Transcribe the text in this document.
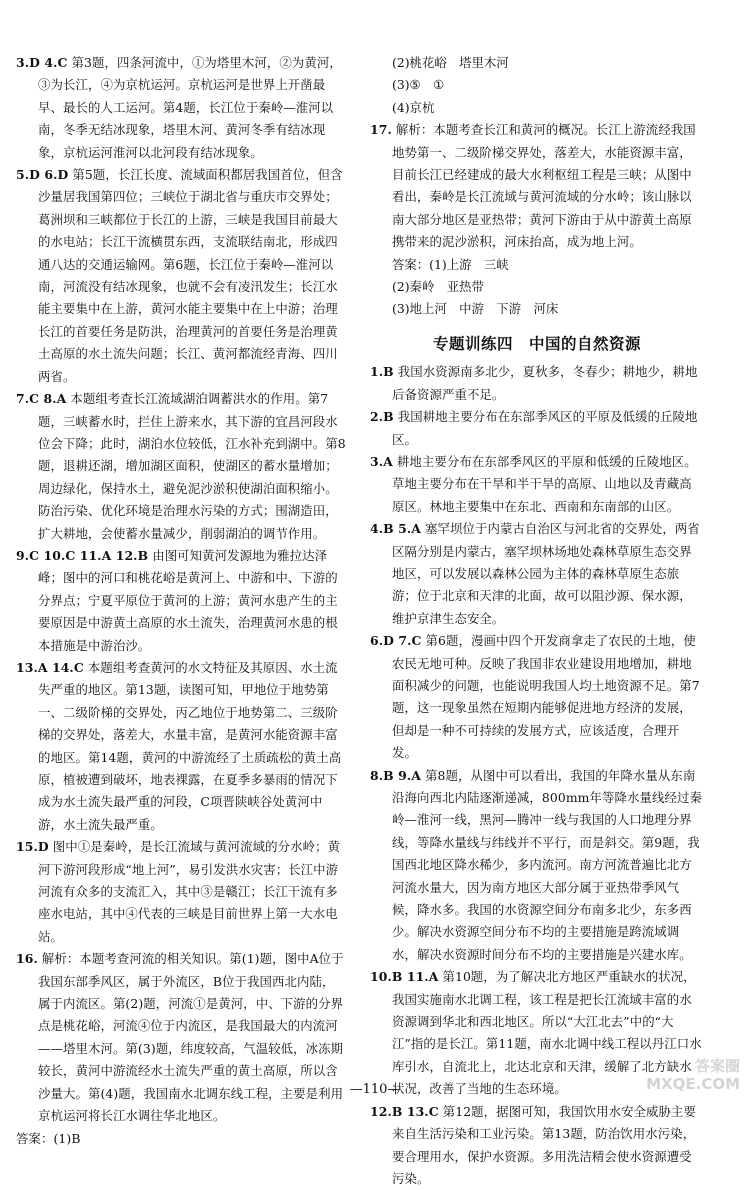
3.D 4.C 第3题，四条河流中，①为塔里木河，②为黄河，③为长江，④为京杭运河。京杭运河是世界上开凿最早、最长的人工运河。第4题，长江位于秦岭—淮河以南，冬季无结冰现象，塔里木河、黄河冬季有结冰现象，京杭运河淮河以北河段有结冰现象。

5.D 6.D 第5题，长江长度、流域面积都居我国首位，但含沙量居我国第四位；三峡位于湖北省与重庆市交界处；葛洲坝和三峡都位于长江的上游，三峡是我国目前最大的水电站；长江干流横贯东西，支流联结南北，形成四通八达的交通运输网。第6题，长江位于秦岭—淮河以南，河流没有结冰现象，也就不会有凌汛发生；长江水能主要集中在上游，黄河水能主要集中在上中游；治理长江的首要任务是防洪，治理黄河的首要任务是治理黄土高原的水土流失问题；长江、黄河都流经青海、四川两省。

7.C 8.A 本题组考查长江流域湖泊调蓄洪水的作用。第7题，三峡蓄水时，拦住上游来水，其下游的宜昌河段水位会下降；此时，湖泊水位较低，江水补充到湖中。第8题，退耕还湖，增加湖区面积，使湖区的蓄水量增加；周边绿化，保持水土，避免泥沙淤积使湖泊面积缩小。防治污染、优化环境是治理水污染的方式；围湖造田，扩大耕地，会使蓄水量减少，削弱湖泊的调节作用。

9.C 10.C 11.A 12.B 由图可知黄河发源地为雅拉达泽峰；图中的河口和桃花峪是黄河上、中游和中、下游的分界点；宁夏平原位于黄河的上游；黄河水患产生的主要原因是中游黄土高原的水土流失，治理黄河水患的根本措施是中游治沙。

13.A 14.C 本题组考查黄河的水文特征及其原因、水土流失严重的地区。第13题，读图可知，甲地位于地势第一、二级阶梯的交界处，丙乙地位于地势第二、三级阶梯的交界处，落差大，水量丰富，是黄河水能资源丰富的地区。第14题，黄河的中游流经了土质疏松的黄土高原，植被遭到破坏，地表裸露，在夏季多暴雨的情况下成为水土流失最严重的河段，C项晋陕峡谷处黄河中游，水土流失最严重。

15.D 图中①是秦岭，是长江流域与黄河流域的分水岭；黄河下游河段形成“地上河”，易引发洪水灾害；长江中游河流有众多的支流汇入，其中③是赣江；长江干流有多座水电站，其中④代表的三峡是目前世界上第一大水电站。

16. 解析：本题考查河流的相关知识。第(1)题，图中A位于我国东部季风区，属于外流区，B位于我国西北内陆，属于内流区。第(2)题，河流①是黄河，中、下游的分界点是桃花峪，河流④位于内流区，是我国最大的内流河——塔里木河。第(3)题，纬度较高，气温较低，冰冻期较长，黄河中游流经水土流失严重的黄土高原，所以含沙量大。第(4)题，我国南水北调东线工程，主要是利用京杭运河将长江水调往华北地区。

答案：(1)B

(2)桃花峪　塔里木河

(3)⑤　①

(4)京杭

17. 解析：本题考查长江和黄河的概况。长江上游流经我国地势第一、二级阶梯交界处，落差大，水能资源丰富，目前长江已经建成的最大水利枢纽工程是三峡；从图中看出，秦岭是长江流域与黄河流域的分水岭；该山脉以南大部分地区是亚热带；黄河下游由于从中游黄土高原携带来的泥沙淤积，河床抬高，成为地上河。

答案：(1)上游　三峡

(2)秦岭　亚热带

(3)地上河　中游　下游　河床

专题训练四　中国的自然资源

1.B 我国水资源南多北少，夏秋多，冬春少；耕地少，耕地后备资源严重不足。

2.B 我国耕地主要分布在东部季风区的平原及低缓的丘陵地区。

3.A 耕地主要分布在东部季风区的平原和低缓的丘陵地区。草地主要分布在干旱和半干旱的高原、山地以及青藏高原区。林地主要集中在东北、西南和东南部的山区。

4.B 5.A 塞罕坝位于内蒙古自治区与河北省的交界处，两省区隔分别是内蒙古，塞罕坝林场地处森林草原生态交界地区，可以发展以森林公园为主体的森林草原生态旅游；位于北京和天津的北面，故可以阻沙源、保水源，维护京津生态安全。

6.D 7.C 第6题，漫画中四个开发商拿走了农民的土地，使农民无地可种。反映了我国非农业建设用地增加，耕地面积减少的问题，也能说明我国人均土地资源不足。第7题，这一现象虽然在短期内能够促进地方经济的发展，但却是一种不可持续的发展方式，应该适度，合理开发。

8.B 9.A 第8题，从图中可以看出，我国的年降水量从东南沿海向西北内陆逐渐递减，800mm年等降水量线经过秦岭—淮河一线，黑河—腾冲一线与我国的人口地理分界线，等降水量线与纬线并不平行，而是斜交。第9题，我国西北地区降水稀少，多内流河。南方河流普遍比北方河流水量大，因为南方地区大部分属于亚热带季风气候，降水多。我国的水资源空间分布南多北少，东多西少。解决水资源空间分布不均的主要措施是跨流域调水，解决水资源时间分布不均的主要措施是兴建水库。

10.B 11.A 第10题，为了解决北方地区严重缺水的状况，我国实施南水北调工程，该工程是把长江流域丰富的水资源调到华北和西北地区。所以“大江北去”中的“大江”指的是长江。第11题，南水北调中线工程以丹江口水库引水，自流北上，北达北京和天津，缓解了北方缺水状况，改善了当地的生态环境。

12.B 13.C 第12题，据图可知，我国饮用水安全威胁主要来自生活污染和工业污染。第13题，防治饮用水污染，要合理用水，保护水资源。多用洗洁精会使水资源遭受污染。

—110—
答案圈 MXQE.COM
